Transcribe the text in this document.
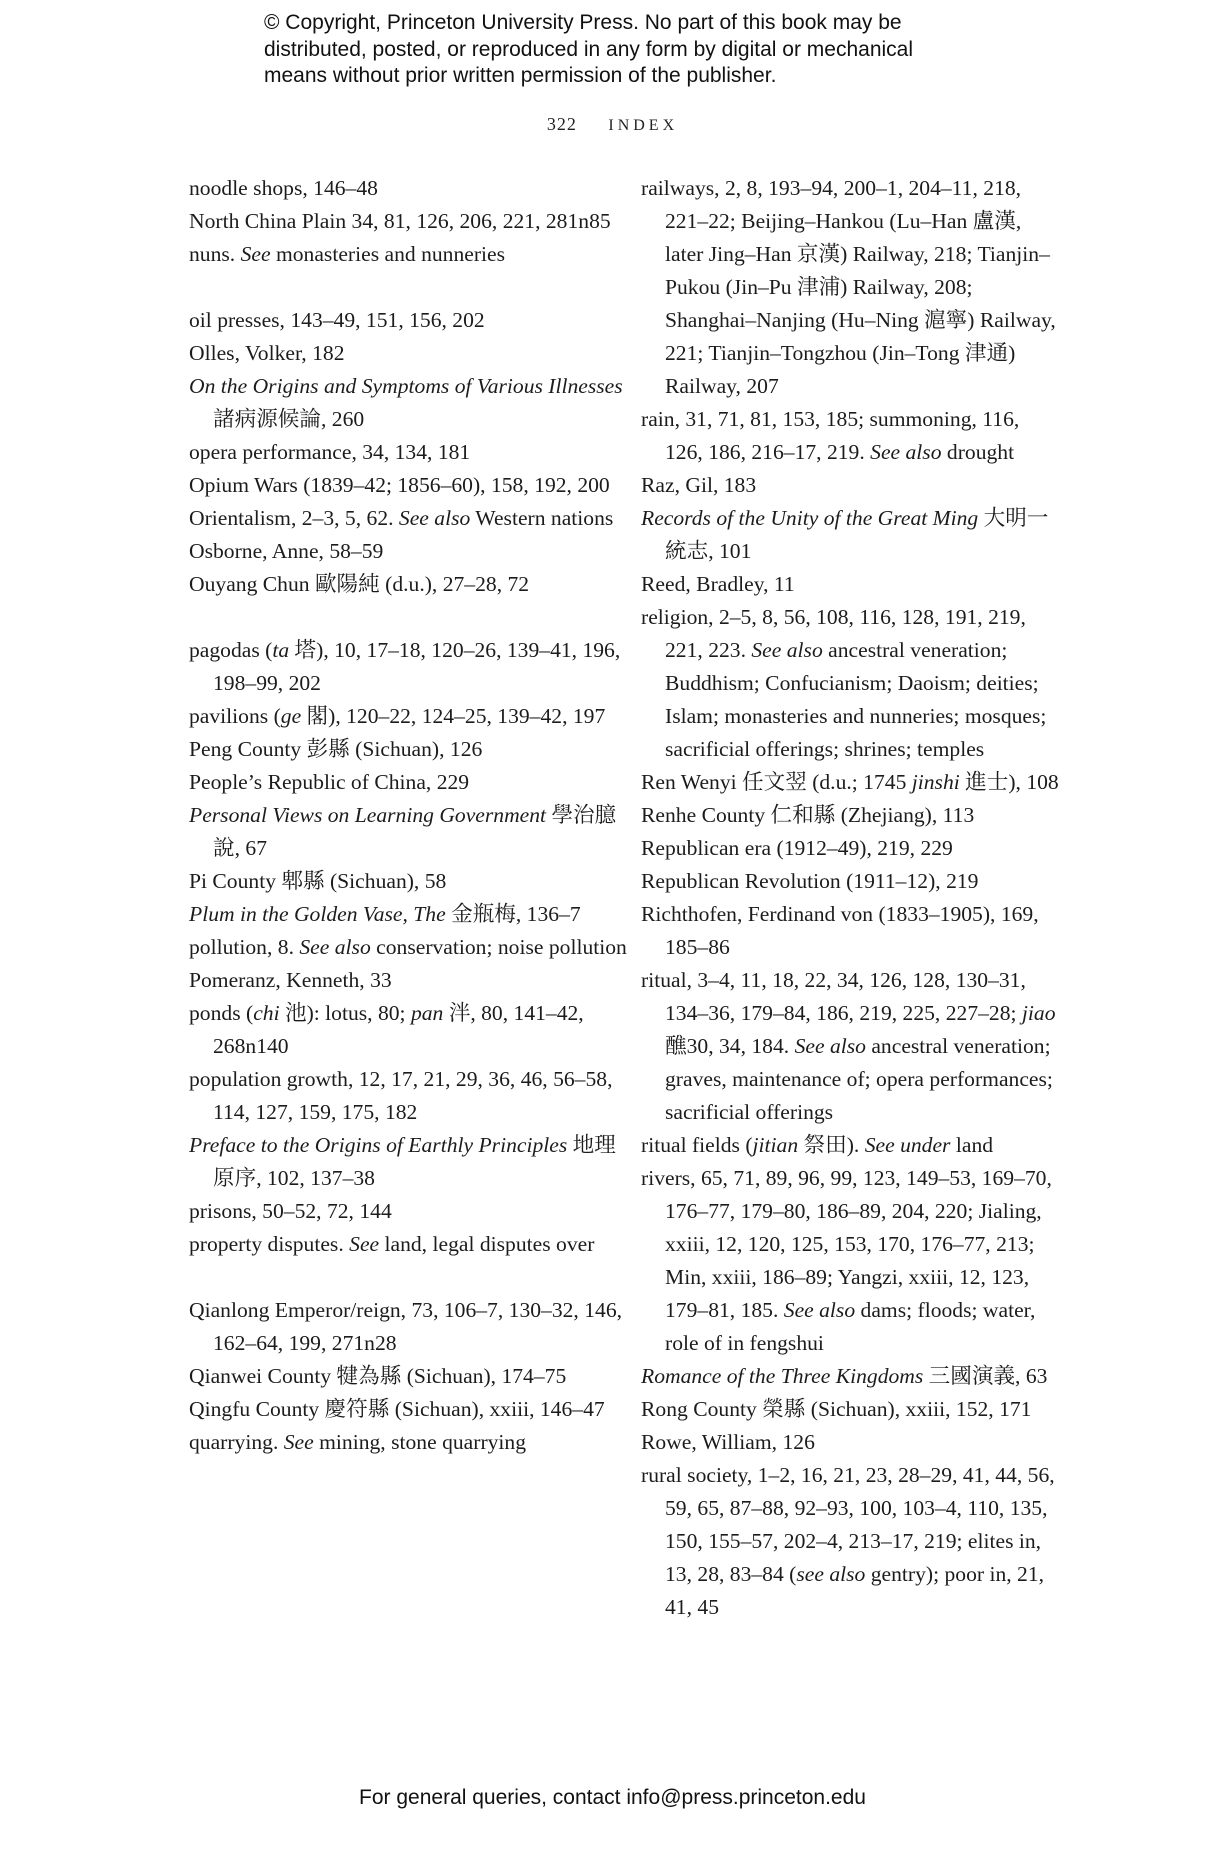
© Copyright, Princeton University Press. No part of this book may be
distributed, posted, or reproduced in any form by digital or mechanical
means without prior written permission of the publisher.
322 INDEX
noodle shops, 146–48
North China Plain 34, 81, 126, 206, 221, 281n85
nuns. See monasteries and nunneries
oil presses, 143–49, 151, 156, 202
Olles, Volker, 182
On the Origins and Symptoms of Various Illnesses 諸病源候論, 260
opera performance, 34, 134, 181
Opium Wars (1839–42; 1856–60), 158, 192, 200
Orientalism, 2–3, 5, 62. See also Western nations
Osborne, Anne, 58–59
Ouyang Chun 歐陽純 (d.u.), 27–28, 72
pagodas (ta 塔), 10, 17–18, 120–26, 139–41, 196, 198–99, 202
pavilions (ge 閣), 120–22, 124–25, 139–42, 197
Peng County 彭縣 (Sichuan), 126
People’s Republic of China, 229
Personal Views on Learning Government 學治臆說, 67
Pi County 郫縣 (Sichuan), 58
Plum in the Golden Vase, The 金瓶梅, 136–7
pollution, 8. See also conservation; noise pollution
Pomeranz, Kenneth, 33
ponds (chi 池): lotus, 80; pan 泮, 80, 141–42, 268n140
population growth, 12, 17, 21, 29, 36, 46, 56–58, 114, 127, 159, 175, 182
Preface to the Origins of Earthly Principles 地理原序, 102, 137–38
prisons, 50–52, 72, 144
property disputes. See land, legal disputes over
Qianlong Emperor/reign, 73, 106–7, 130–32, 146, 162–64, 199, 271n28
Qianwei County 犍為縣 (Sichuan), 174–75
Qingfu County 慶符縣 (Sichuan), xxiii, 146–47
quarrying. See mining, stone quarrying
railways, 2, 8, 193–94, 200–1, 204–11, 218, 221–22; Beijing–Hankou (Lu–Han 盧漢, later Jing–Han 京漢) Railway, 218; Tianjin–Pukou (Jin–Pu 津浦) Railway, 208; Shanghai–Nanjing (Hu–Ning 滬寧) Railway, 221; Tianjin–Tongzhou (Jin–Tong 津通) Railway, 207
rain, 31, 71, 81, 153, 185; summoning, 116, 126, 186, 216–17, 219. See also drought
Raz, Gil, 183
Records of the Unity of the Great Ming 大明一統志, 101
Reed, Bradley, 11
religion, 2–5, 8, 56, 108, 116, 128, 191, 219, 221, 223. See also ancestral veneration; Buddhism; Confucianism; Daoism; deities; Islam; monasteries and nunneries; mosques; sacrificial offerings; shrines; temples
Ren Wenyi 任文翌 (d.u.; 1745 jinshi 進士), 108
Renhe County 仁和縣 (Zhejiang), 113
Republican era (1912–49), 219, 229
Republican Revolution (1911–12), 219
Richthofen, Ferdinand von (1833–1905), 169, 185–86
ritual, 3–4, 11, 18, 22, 34, 126, 128, 130–31, 134–36, 179–84, 186, 219, 225, 227–28; jiao 醮30, 34, 184. See also ancestral veneration; graves, maintenance of; opera performances; sacrificial offerings
ritual fields (jitian 祭田). See under land
rivers, 65, 71, 89, 96, 99, 123, 149–53, 169–70, 176–77, 179–80, 186–89, 204, 220; Jialing, xxiii, 12, 120, 125, 153, 170, 176–77, 213; Min, xxiii, 186–89; Yangzi, xxiii, 12, 123, 179–81, 185. See also dams; floods; water, role of in fengshui
Romance of the Three Kingdoms 三國演義, 63
Rong County 榮縣 (Sichuan), xxiii, 152, 171
Rowe, William, 126
rural society, 1–2, 16, 21, 23, 28–29, 41, 44, 56, 59, 65, 87–88, 92–93, 100, 103–4, 110, 135, 150, 155–57, 202–4, 213–17, 219; elites in, 13, 28, 83–84 (see also gentry); poor in, 21, 41, 45
For general queries, contact info@press.princeton.edu
